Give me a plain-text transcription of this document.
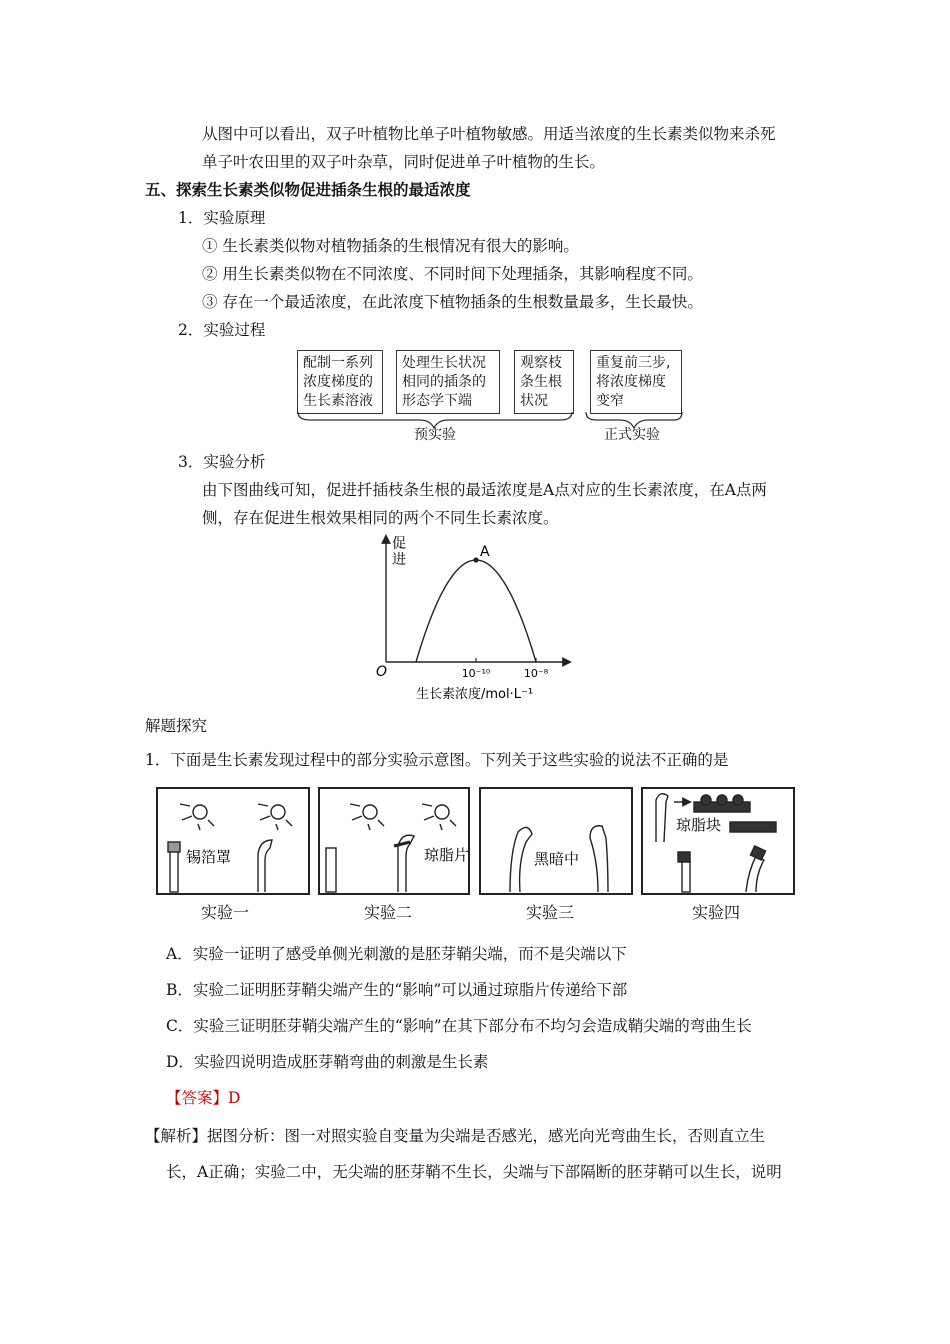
从图中可以看出，双子叶植物比单子叶植物敏感。用适当浓度的生长素类似物来杀死
单子叶农田里的双子叶杂草，同时促进单子叶植物的生长。
五、探索生长素类似物促进插条生根的最适浓度
1．实验原理
① 生长素类似物对植物插条的生根情况有很大的影响。
② 用生长素类似物在不同浓度、不同时间下处理插条，其影响程度不同。
③ 存在一个最适浓度，在此浓度下植物插条的生根数量最多，生长最快。
2．实验过程
配制一系列
浓度梯度的
生长素溶液
处理生长状况
相同的插条的
形态学下端
观察枝
条生根
状况
重复前三步,
将浓度梯度
变窄
预实验	正式实验
3．实验分析
由下图曲线可知，促进扦插枝条生根的最适浓度是A点对应的生长素浓度，在A点两
侧，存在促进生根效果相同的两个不同生长素浓度。
促
进	A
10⁻¹⁰	10⁻⁸
O
生长素浓度/mol·L⁻¹
解题探究
1．下面是生长素发现过程中的部分实验示意图。下列关于这些实验的说法不正确的是
锡箔罩	琼脂片	黑暗中
琼脂块
实验一	实验二	实验三	实验四
A．实验一证明了感受单侧光刺激的是胚芽鞘尖端，而不是尖端以下
B．实验二证明胚芽鞘尖端产生的“影响”可以通过琼脂片传递给下部
C．实验三证明胚芽鞘尖端产生的“影响”在其下部分布不均匀会造成鞘尖端的弯曲生长
D．实验四说明造成胚芽鞘弯曲的刺激是生长素
【答案】D
【解析】据图分析：图一对照实验自变量为尖端是否感光，感光向光弯曲生长，否则直立生
长，A正确；实验二中，无尖端的胚芽鞘不生长，尖端与下部隔断的胚芽鞘可以生长，说明
